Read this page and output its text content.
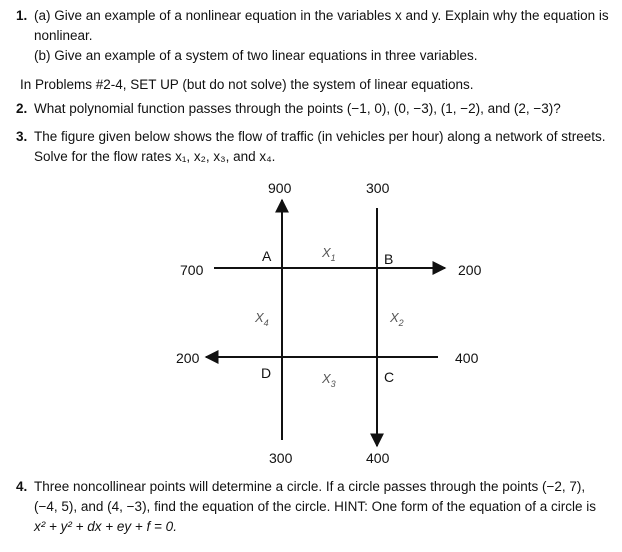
1. (a) Give an example of a nonlinear equation in the variables x and y. Explain why the equation is
nonlinear.
(b) Give an example of a system of two linear equations in three variables.
In Problems #2-4, SET UP (but do not solve) the system of linear equations.
2. What polynomial function passes through the points (−1, 0), (0, −3), (1, −2), and (2, −3)?
3. The figure given below shows the flow of traffic (in vehicles per hour) along a network of streets.
Solve for the flow rates x₁, x₂, x₃, and x₄.
900	300
700	200
200	400
300	400
A	B
C
D
$X_1$
$X_2$
$X_3$
$X_4$
4. Three noncollinear points will determine a circle. If a circle passes through the points (−2, 7),
(−4, 5), and (4, −3), find the equation of the circle. HINT: One form of the equation of a circle is
x² + y² + dx + ey + f = 0.
